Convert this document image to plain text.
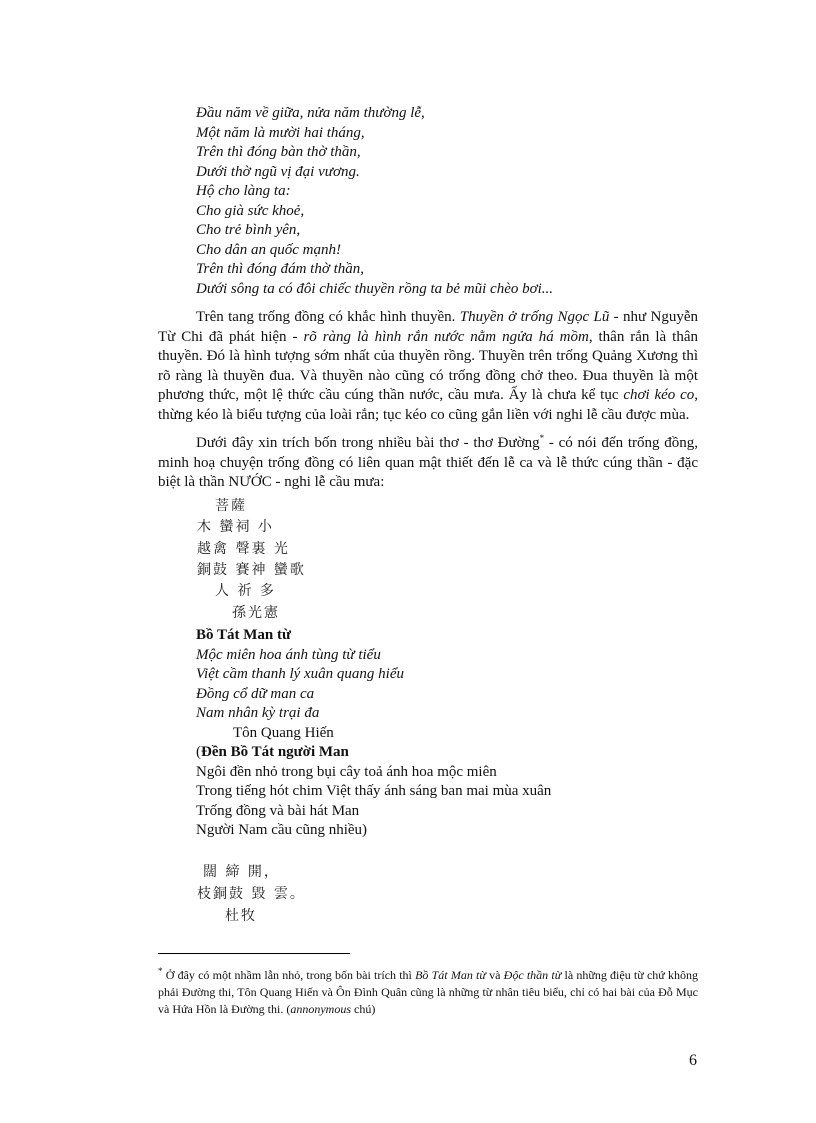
Đầu năm về giữa, nửa năm thường lễ,
Một năm là mười hai tháng,
Trên thì đóng bàn thờ thần,
Dưới thờ ngũ vị đại vương.
Hộ cho làng ta:
Cho già sức khoẻ,
Cho trẻ bình yên,
Cho dân an quốc mạnh!
Trên thì đóng đám thờ thần,
Dưới sông ta có đôi chiếc thuyền rồng ta bẻ mũi chèo bơi...
Trên tang trống đồng có khắc hình thuyền. Thuyền ở trống Ngọc Lũ - như Nguyễn Từ Chi đã phát hiện - rõ ràng là hình rắn nước nằm ngửa há mồm, thân rắn là thân thuyền. Đó là hình tượng sớm nhất của thuyền rồng. Thuyền trên trống Quảng Xương thì rõ ràng là thuyền đua. Và thuyền nào cũng có trống đồng chở theo. Đua thuyền là một phương thức, một lệ thức cầu cúng thần nước, cầu mưa. Ấy là chưa kể tục chơi kéo co, thừng kéo là biểu tượng của loài rắn; tục kéo co cũng gắn liền với nghi lễ cầu được mùa.
Dưới đây xin trích bốn trong nhiều bài thơ - thơ Đường* - có nói đến trống đồng, minh hoạ chuyện trống đồng có liên quan mật thiết đến lễ ca và lễ thức cúng thần - đặc biệt là thần NƯỚC - nghi lễ cầu mưa:
菩薩
木 蠻祠 小
越禽 聲裏 光
銅鼓 賽神 蠻歌
人 祈 多
孫光憲
Bồ Tát Man từ
Mộc miên hoa ánh tùng từ tiểu
Việt cầm thanh lý xuân quang hiểu
Đồng cổ dữ man ca
Nam nhân kỳ trại đa
Tôn Quang Hiến
(Đền Bồ Tát người Man
Ngôi đền nhỏ trong bụi cây toả ánh hoa mộc miên
Trong tiếng hót chim Việt thấy ánh sáng ban mai mùa xuân
Trống đồng và bài hát Man
Người Nam cầu cũng nhiều)
闊 締 開，
枝銅鼓 毀 雲。
杜牧
* Ở đây có một nhầm lẫn nhỏ, trong bốn bài trích thì Bồ Tát Man từ và Độc thần từ là những điệu từ chứ không phải Đường thi, Tôn Quang Hiến và Ôn Đình Quân cũng là những từ nhân tiêu biểu, chỉ có hai bài của Đỗ Mục và Hứa Hồn là Đường thi. (annonymous chú)
6
